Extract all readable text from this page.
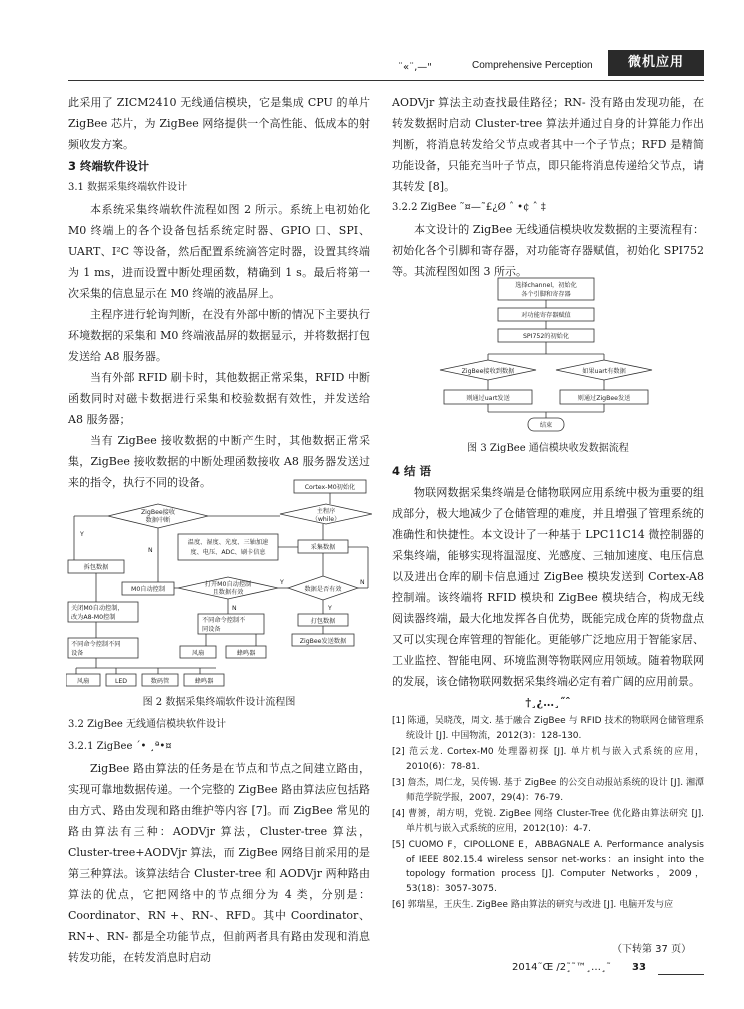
¨«¨,—"	Comprehensive Perception	微机应用

此采用了 ZICM2410 无线通信模块，它是集成 CPU 的单片 ZigBee 芯片，为 ZigBee 网络提供一个高性能、低成本的射频收发方案。

3 终端软件设计
3.1 数据采集终端软件设计

本系统采集终端软件流程如图 2 所示。系统上电初始化 M0 终端上的各个设备包括系统定时器、GPIO 口、SPI、UART、I²C 等设备，然后配置系统滴答定时器，设置其终端为 1 ms，进而设置中断处理函数，精确到 1 s。最后将第一次采集的信息显示在 M0 终端的液晶屏上。

主程序进行轮询判断，在没有外部中断的情况下主要执行环境数据的采集和 M0 终端液晶屏的数据显示，并将数据打包发送给 A8 服务器。

当有外部 RFID 刷卡时，其他数据正常采集，RFID 中断函数同时对磁卡数据进行采集和校验数据有效性，并发送给 A8 服务器；

当有 ZigBee 接收数据的中断产生时，其他数据正常采集，ZigBee 接收数据的中断处理函数接收 A8 服务器发送过来的指令，执行不同的设备。	Cortex-M0初始化
主程序
（while）
ZigBee接收
数据中断
Y
N
温度、湿度、光度、三轴加速
度、电压、ADC、刷卡信息
采集数据
拆包数据
M0自动控制
打开M0自动控制
且数据有效	数据是否有效
Y	N
关闭M0自动控制，
改为A8-M0控制
不同命令控制不同
设备
N
不同命令控制不
同设备
Y
打包数据
ZigBee发送数据
风扇	蜂鸣器
风扇	LED	数码管	蜂鸣器
图 2 数据采集终端软件设计流程图
3.2 ZigBee 无线通信模块软件设计
3.2.1 ZigBee ´• ¸ª•¤

ZigBee 路由算法的任务是在节点和节点之间建立路由，实现可靠地数据传递。一个完整的 ZigBee 路由算法应包括路由方式、路由发现和路由维护等内容 [7]。而 ZigBee 常见的路由算法有三种：AODVjr 算法，Cluster-tree 算法，Cluster-tree+AODVjr 算法，而 ZigBee 网络目前采用的是第三种算法。该算法结合 Cluster-tree 和 AODVjr 两种路由算法的优点，它把网络中的节点细分为 4 类，分别是：Coordinator、RN +、RN-、RFD。其中 Coordinator、RN+、RN- 都是全功能节点，但前两者具有路由发现和消息转发功能，在转发消息时启动

AODVjr 算法主动查找最佳路径；RN- 没有路由发现功能，在转发数据时启动 Cluster-tree 算法并通过自身的计算能力作出判断，将消息转发给父节点或者其中一个子节点；RFD 是精简功能设备，只能充当叶子节点，即只能将消息传递给父节点，请其转发 [8]。

3.2.2 ZigBee ˜¤—˜£¿Ø ˆ •¢ ˆ ‡

本文设计的 ZigBee 无线通信模块收发数据的主要流程有：初始化各个引脚和寄存器，对功能寄存器赋值，初始化 SPI752 等。其流程图如图 3 所示。

选择channel，初始化
各个引脚和寄存器
对功能寄存器赋值
SPI752的初始化
ZigBee接收到数据	如果uart有数据
则通过uart发送	则通过ZigBee发送
结束
图 3 ZigBee 通信模块收发数据流程
4 结 语

物联网数据采集终端是仓储物联网应用系统中极为重要的组成部分，极大地减少了仓储管理的难度，并且增强了管理系统的准确性和快捷性。本文设计了一种基于 LPC11C14 微控制器的采集终端，能够实现将温湿度、光感度、三轴加速度、电压信息以及进出仓库的刷卡信息通过 ZigBee 模块发送到 Cortex-A8 控制端。该终端将 RFID 模块和 ZigBee 模块结合，构成无线阅读器终端，最大化地发挥各自优势，既能完成仓库的货物盘点又可以实现仓库管理的智能化。更能够广泛地应用于智能家居、工业监控、智能电网、环境监测等物联网应用领域。随着物联网的发展，该仓储物联网数据采集终端必定有着广阔的应用前景。

†¸¿…¸˝ˆ

[1] 陈通，吴晓茂，周文. 基于融合 ZigBee 与 RFID 技术的物联网仓储管理系统设计 [J]. 中国物流，2012(3)：128-130.

[2] 范云龙. Cortex-M0 处理器初探 [J]. 单片机与嵌入式系统的应用，2010(6)：78-81.

[3] 詹杰，周仁龙，吴传锡. 基于 ZigBee 的公交自动报站系统的设计 [J]. 湘潭师范学院学报，2007，29(4)：76-79.

[4] 曹赟，胡方明，党锐. ZigBee 网络 Cluster-Tree 优化路由算法研究 [J]. 单片机与嵌入式系统的应用，2012(10)：4-7.

[5] CUOMO F，CIPOLLONE E，ABBAGNALE A. Performance analysis of IEEE 802.15.4 wireless sensor net-works：an insight into the topology formation process [J]. Computer Networks，2009，53(18)：3057-3075.

[6] 郭瑞星，王庆生. ZigBee 路由算法的研究与改进 [J]. 电脑开发与应

（下转第 37 页）
2014˜Œ /2˜
¸˜™¸…¸˜ 33
